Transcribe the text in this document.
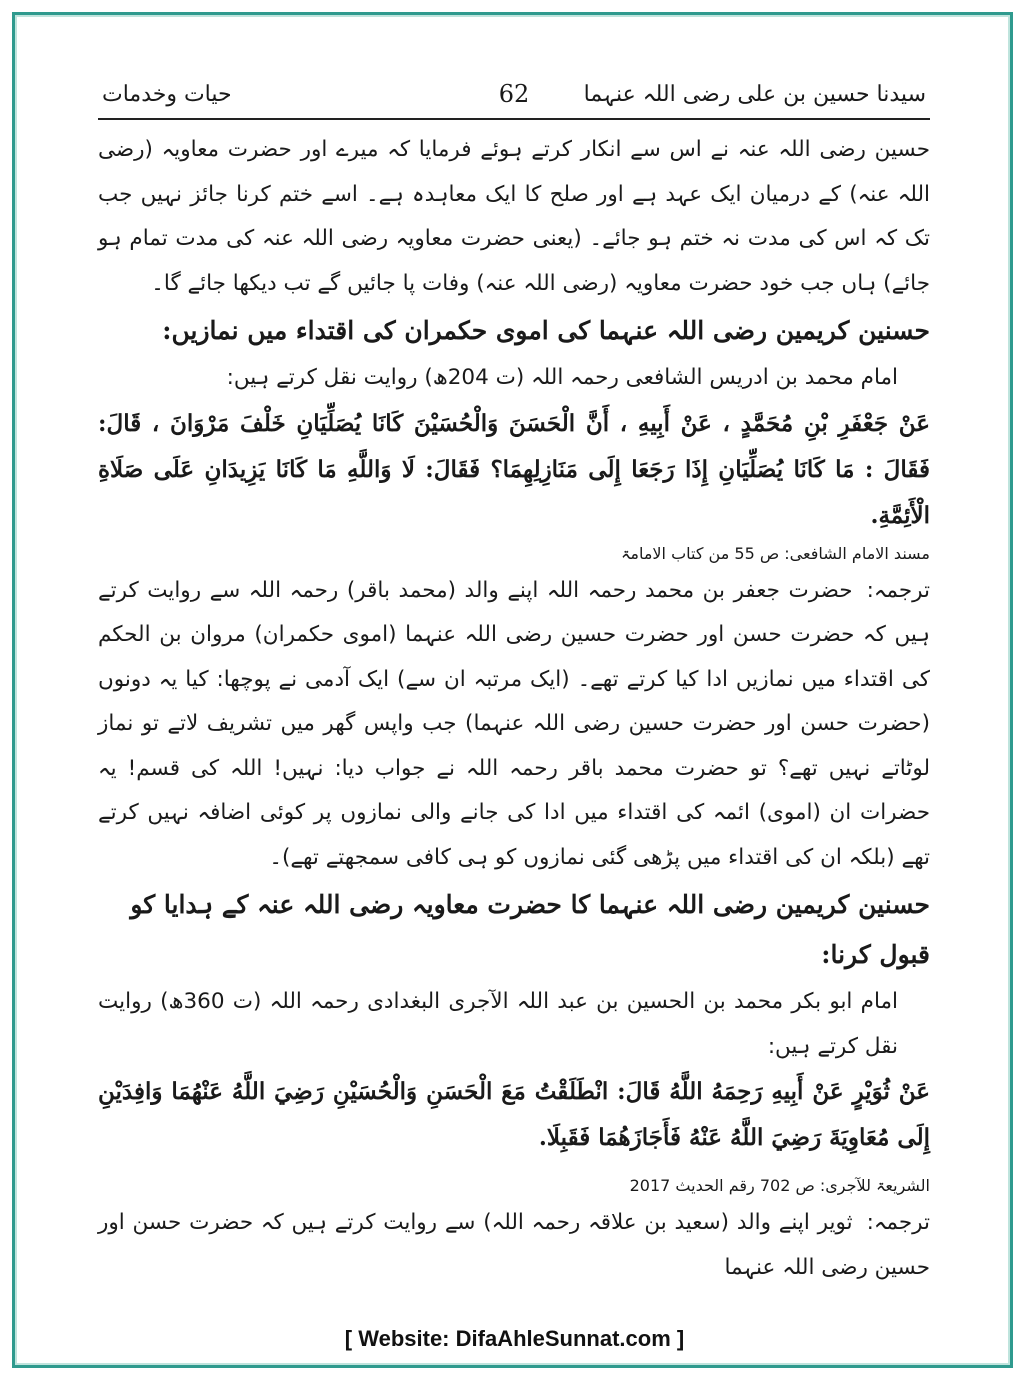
سیدنا حسین بن علی رضی اللہ عنہما
62
حیات وخدمات

حسین رضی اللہ عنہ نے اس سے انکار کرتے ہوئے فرمایا کہ میرے اور حضرت معاویہ (رضی اللہ عنہ) کے درمیان ایک عہد ہے اور صلح کا ایک معاہدہ ہے۔ اسے ختم کرنا جائز نہیں جب تک کہ اس کی مدت نہ ختم ہو جائے۔ (یعنی حضرت معاویہ رضی اللہ عنہ کی مدت تمام ہو جائے) ہاں جب خود حضرت معاویہ (رضی اللہ عنہ) وفات پا جائیں گے تب دیکھا جائے گا۔

حسنین کریمین رضی اللہ عنہما کی اموی حکمران کی اقتداء میں نمازیں:

امام محمد بن ادریس الشافعی رحمہ اللہ (ت 204ھ) روایت نقل کرتے ہیں:

عَنْ جَعْفَرِ بْنِ مُحَمَّدٍ ، عَنْ أَبِيهِ ، أَنَّ الْحَسَنَ وَالْحُسَيْنَ كَانَا يُصَلِّيَانِ خَلْفَ مَرْوَانَ ، قَالَ: فَقَالَ : مَا كَانَا يُصَلِّيَانِ إِذَا رَجَعَا إِلَى مَنَازِلِهِمَا؟ فَقَالَ: لَا وَاللَّهِ مَا كَانَا يَزِيدَانِ عَلَى صَلَاةِ الْأَئِمَّةِ.

مسند الامام الشافعی: ص 55 من کتاب الامامۃ

ترجمہ:حضرت جعفر بن محمد رحمہ اللہ اپنے والد (محمد باقر) رحمہ اللہ سے روایت کرتے ہیں کہ حضرت حسن اور حضرت حسین رضی اللہ عنہما (اموی حکمران) مروان بن الحکم کی اقتداء میں نمازیں ادا کیا کرتے تھے۔ (ایک مرتبہ ان سے) ایک آدمی نے پوچھا: کیا یہ دونوں (حضرت حسن اور حضرت حسین رضی اللہ عنہما) جب واپس گھر میں تشریف لاتے تو نماز لوٹاتے نہیں تھے؟ تو حضرت محمد باقر رحمہ اللہ نے جواب دیا: نہیں! اللہ کی قسم! یہ حضرات ان (اموی) ائمہ کی اقتداء میں ادا کی جانے والی نمازوں پر کوئی اضافہ نہیں کرتے تھے (بلکہ ان کی اقتداء میں پڑھی گئی نمازوں کو ہی کافی سمجھتے تھے)۔

حسنین کریمین رضی اللہ عنہما کا حضرت معاویہ رضی اللہ عنہ کے ہدایا کو قبول کرنا:

امام ابو بکر محمد بن الحسین بن عبد اللہ الآجری البغدادی رحمہ اللہ (ت 360ھ) روایت نقل کرتے ہیں:

عَنْ ثُوَيْرٍ عَنْ أَبِيهِ رَحِمَهُ اللَّهُ قَالَ: انْطَلَقْتُ مَعَ الْحَسَنِ وَالْحُسَيْنِ رَضِيَ اللَّهُ عَنْهُمَا وَافِدَيْنِ إِلَى مُعَاوِيَةَ رَضِيَ اللَّهُ عَنْهُ فَأَجَازَهُمَا فَقَبِلَا.

الشریعۃ للآجری: ص 702 رقم الحدیث 2017

ترجمہ:ثویر اپنے والد (سعید بن علاقہ رحمہ اللہ) سے روایت کرتے ہیں کہ حضرت حسن اور حسین رضی اللہ عنہما

[ Website: DifaAhleSunnat.com ]
